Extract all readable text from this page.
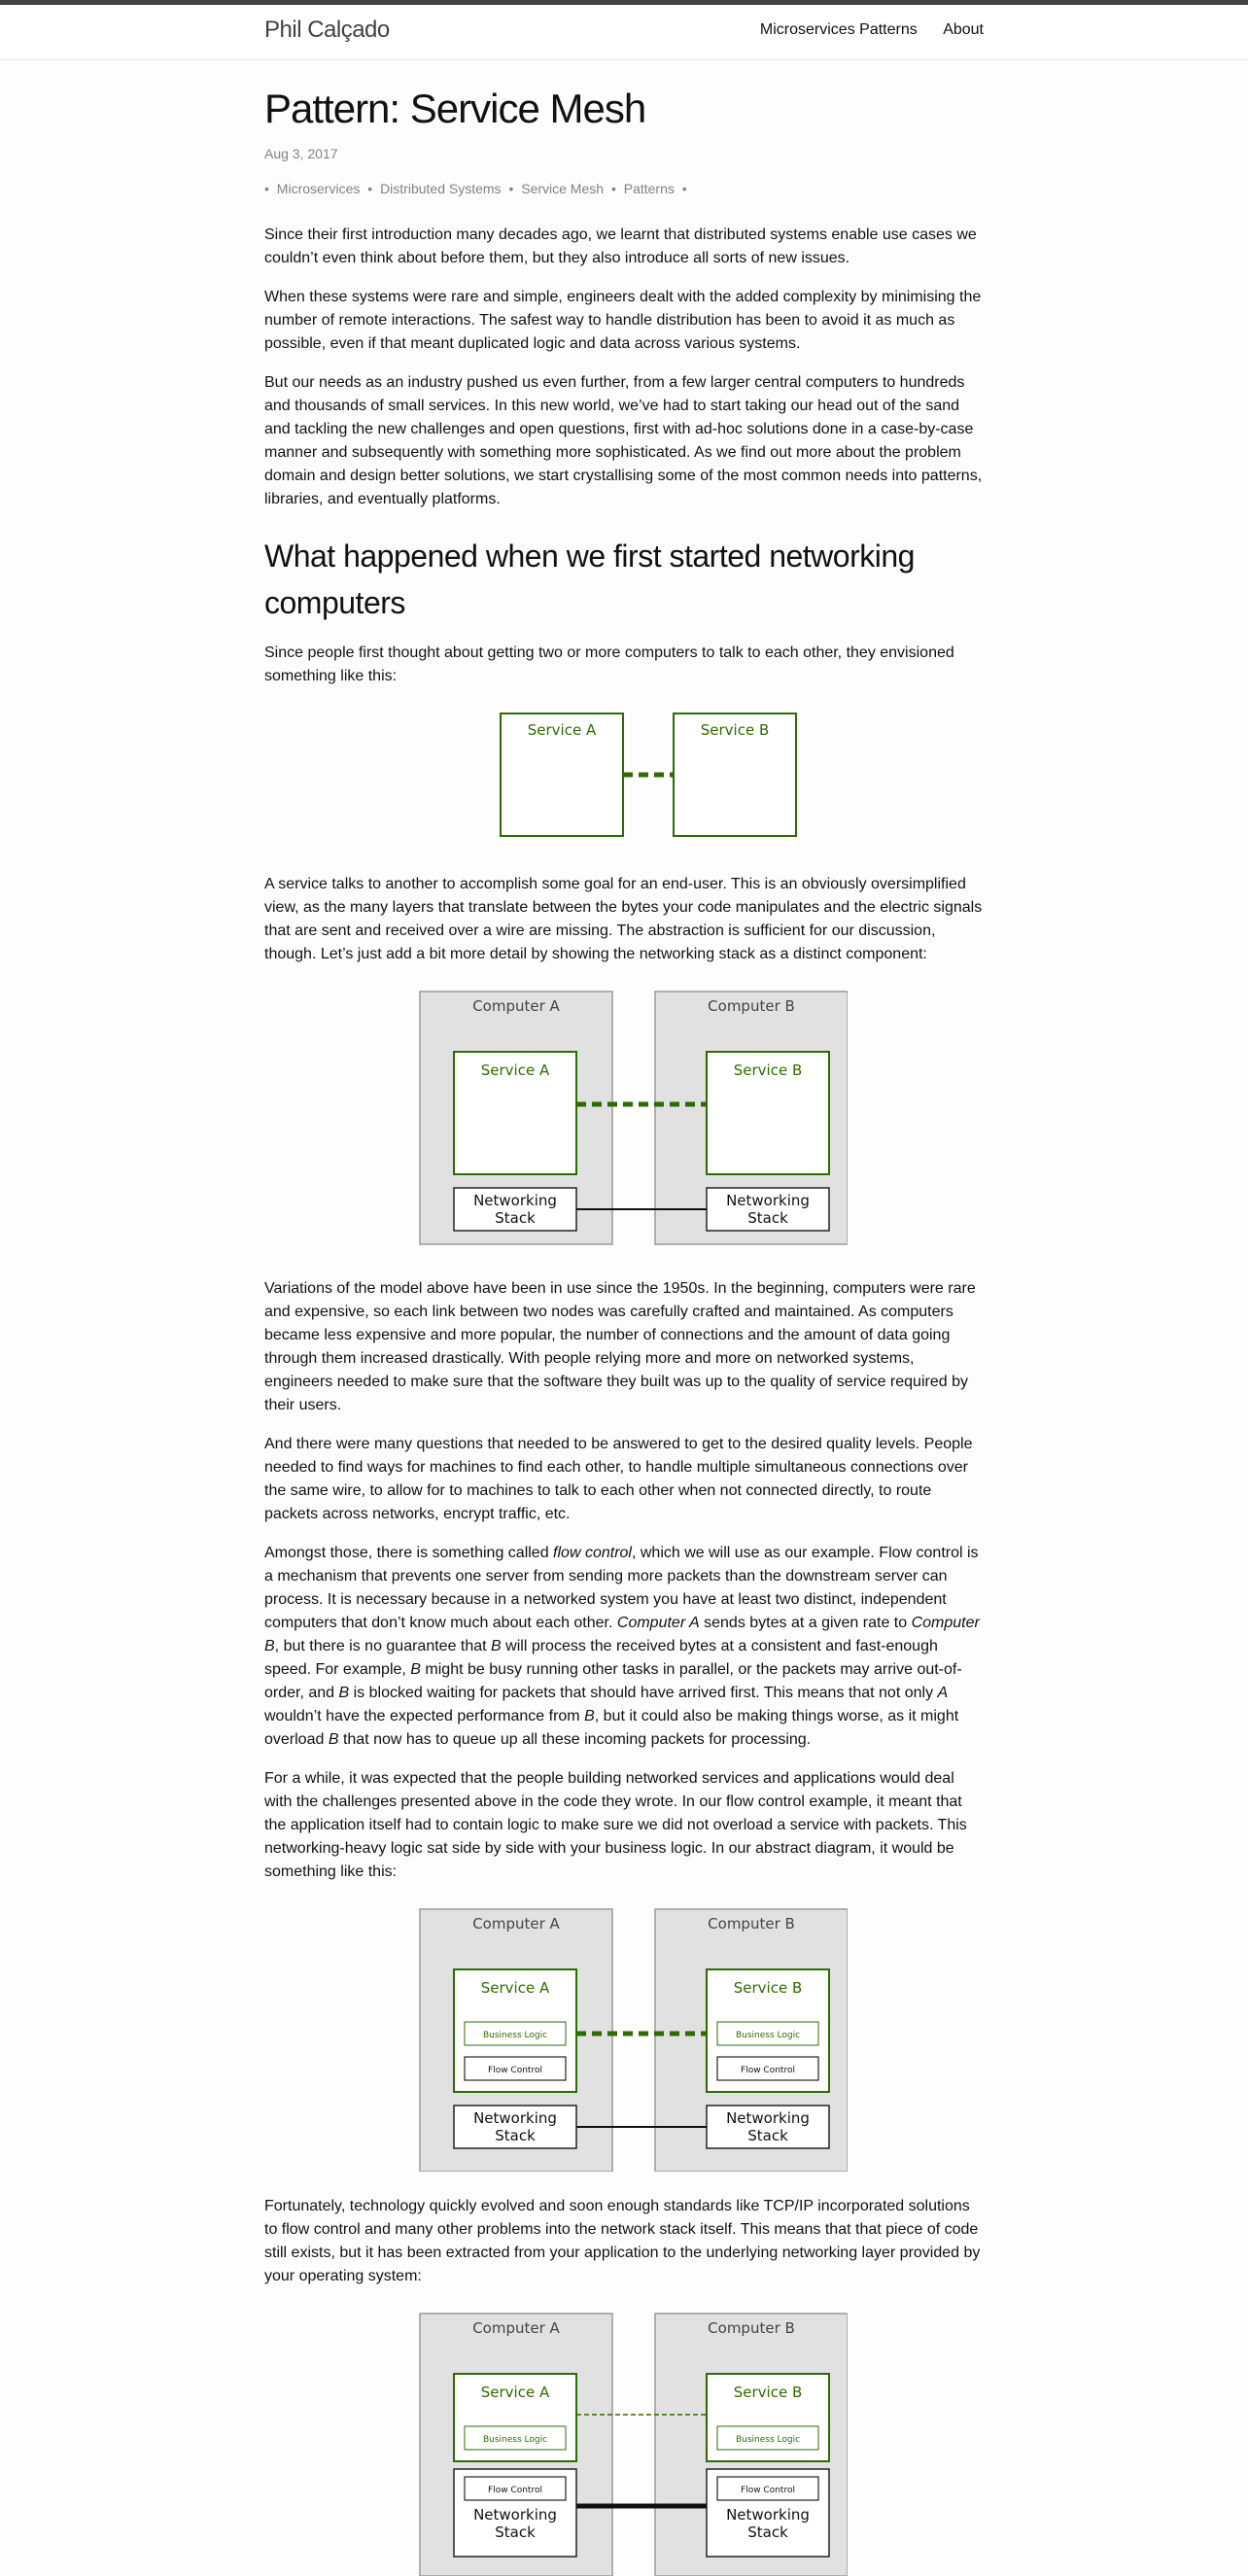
Phil Calçado	Microservices Patterns About
Pattern: Service Mesh

Aug 3, 2017

• Microservices • Distributed Systems • Service Mesh • Patterns •

Since their first introduction many decades ago, we learnt that distributed systems enable use cases we couldn’t even think about before them, but they also introduce all sorts of new issues.

When these systems were rare and simple, engineers dealt with the added complexity by minimising the number of remote interactions. The safest way to handle distribution has been to avoid it as much as possible, even if that meant duplicated logic and data across various systems.

But our needs as an industry pushed us even further, from a few larger central computers to hundreds and thousands of small services. In this new world, we’ve had to start taking our head out of the sand and tackling the new challenges and open questions, first with ad-hoc solutions done in a case-by-case manner and subsequently with something more sophisticated. As we find out more about the problem domain and design better solutions, we start crystallising some of the most common needs into patterns, libraries, and eventually platforms.

What happened when we first started networking computers

Since people first thought about getting two or more computers to talk to each other, they envisioned something like this:

Service A	Service B

A service talks to another to accomplish some goal for an end-user. This is an obviously oversimplified view, as the many layers that translate between the bytes your code manipulates and the electric signals that are sent and received over a wire are missing. The abstraction is sufficient for our discussion, though. Let’s just add a bit more detail by showing the networking stack as a distinct component:

Computer A	Computer B
Service A	Service B
Networking
Stack
Networking
Stack

Variations of the model above have been in use since the 1950s. In the beginning, computers were rare and expensive, so each link between two nodes was carefully crafted and maintained. As computers became less expensive and more popular, the number of connections and the amount of data going through them increased drastically. With people relying more and more on networked systems, engineers needed to make sure that the software they built was up to the quality of service required by their users.

And there were many questions that needed to be answered to get to the desired quality levels. People needed to find ways for machines to find each other, to handle multiple simultaneous connections over the same wire, to allow for to machines to talk to each other when not connected directly, to route packets across networks, encrypt traffic, etc.

Amongst those, there is something called flow control, which we will use as our example. Flow control is a mechanism that prevents one server from sending more packets than the downstream server can process. It is necessary because in a networked system you have at least two distinct, independent computers that don’t know much about each other. Computer A sends bytes at a given rate to Computer B, but there is no guarantee that B will process the received bytes at a consistent and fast-enough speed. For example, B might be busy running other tasks in parallel, or the packets may arrive out-of-order, and B is blocked waiting for packets that should have arrived first. This means that not only A wouldn’t have the expected performance from B, but it could also be making things worse, as it might overload B that now has to queue up all these incoming packets for processing.

For a while, it was expected that the people building networked services and applications would deal with the challenges presented above in the code they wrote. In our flow control example, it meant that the application itself had to contain logic to make sure we did not overload a service with packets. This networking-heavy logic sat side by side with your business logic. In our abstract diagram, it would be something like this:

Computer A	Computer B
Service A
Business Logic
Flow Control
Service B
Business Logic
Flow Control
Networking
Stack
Networking
Stack

Fortunately, technology quickly evolved and soon enough standards like TCP/IP incorporated solutions to flow control and many other problems into the network stack itself. This means that that piece of code still exists, but it has been extracted from your application to the underlying networking layer provided by your operating system:

Computer A	Computer B
Service A
Business Logic
Service B
Business Logic
Flow Control
Networking
Stack
Flow Control
Networking
Stack
